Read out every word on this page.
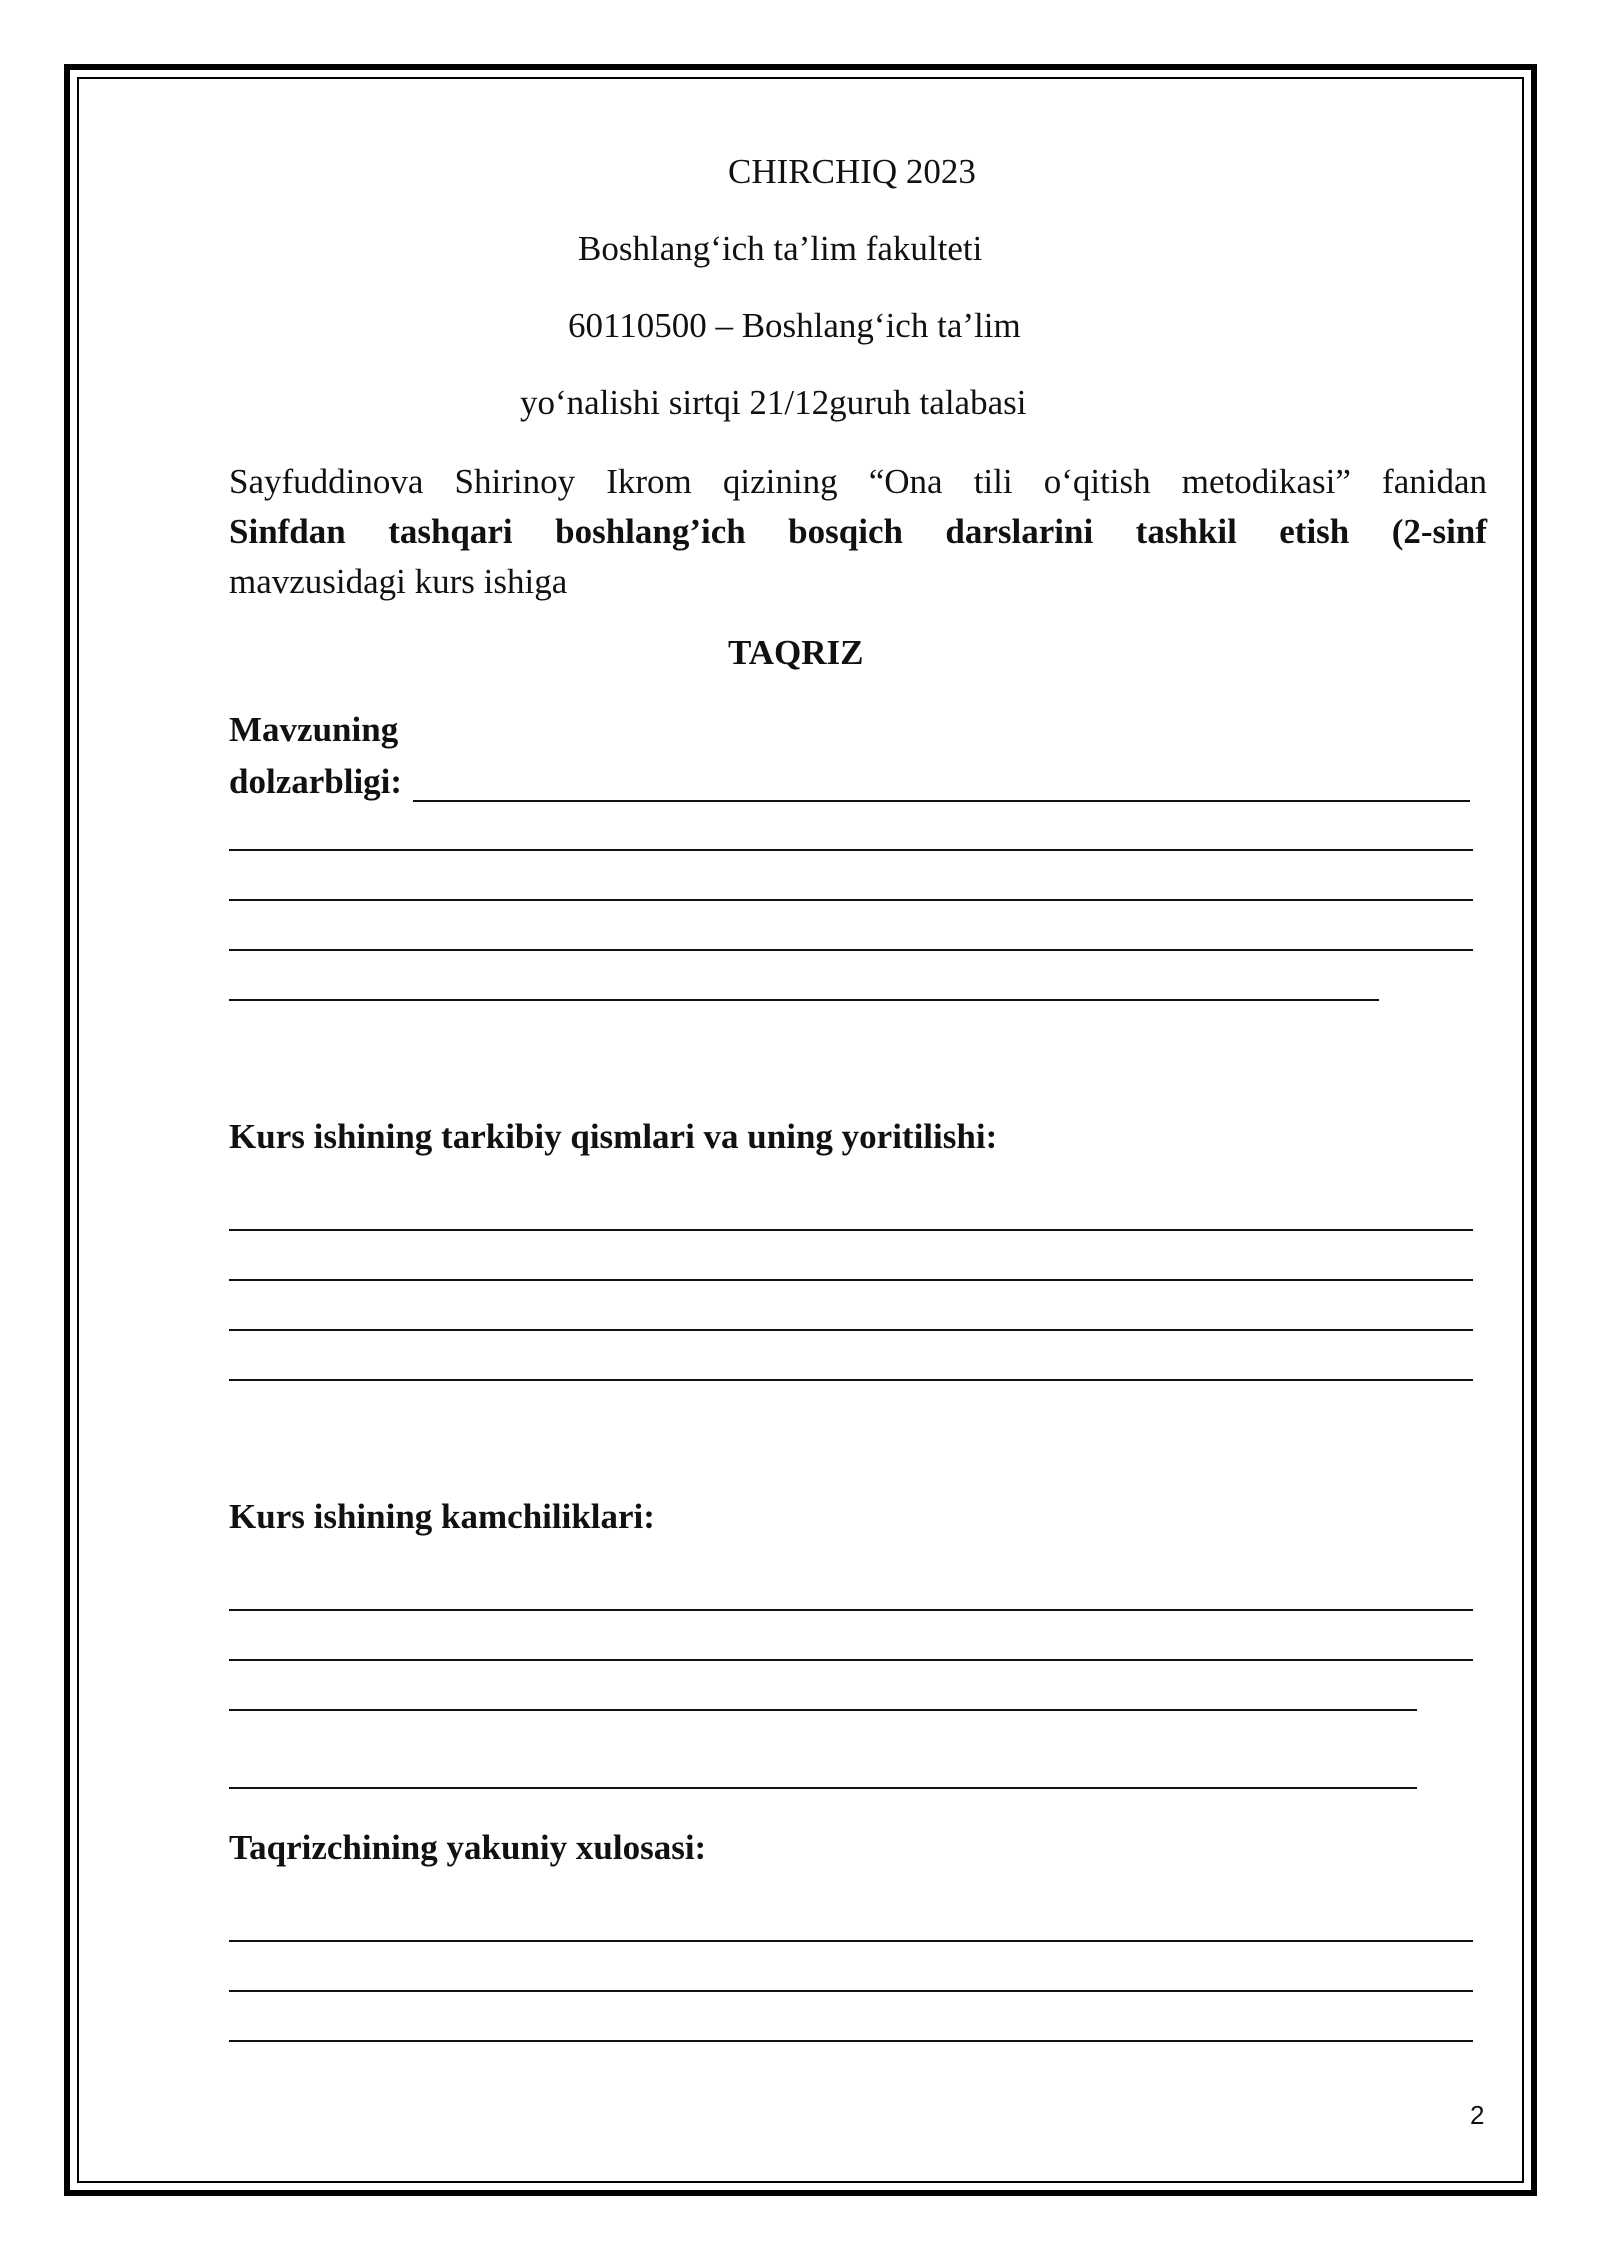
CHIRCHIQ 2023
Boshlang‘ich ta’lim fakulteti
60110500 – Boshlang‘ich ta’lim
yo‘nalishi sirtqi 21/12guruh talabasi
Sayfuddinova Shirinoy Ikrom qizining “Ona tili o‘qitish metodikasi” fanidan
Sinfdan tashqari boshlang’ich bosqich darslarini tashkil etish (2-sinf
mavzusidagi kurs ishiga
TAQRIZ
Mavzuning
dolzarbligi:
Kurs ishining tarkibiy qismlari va uning yoritilishi:
Kurs ishining kamchiliklari:
Taqrizchining yakuniy xulosasi:
2
